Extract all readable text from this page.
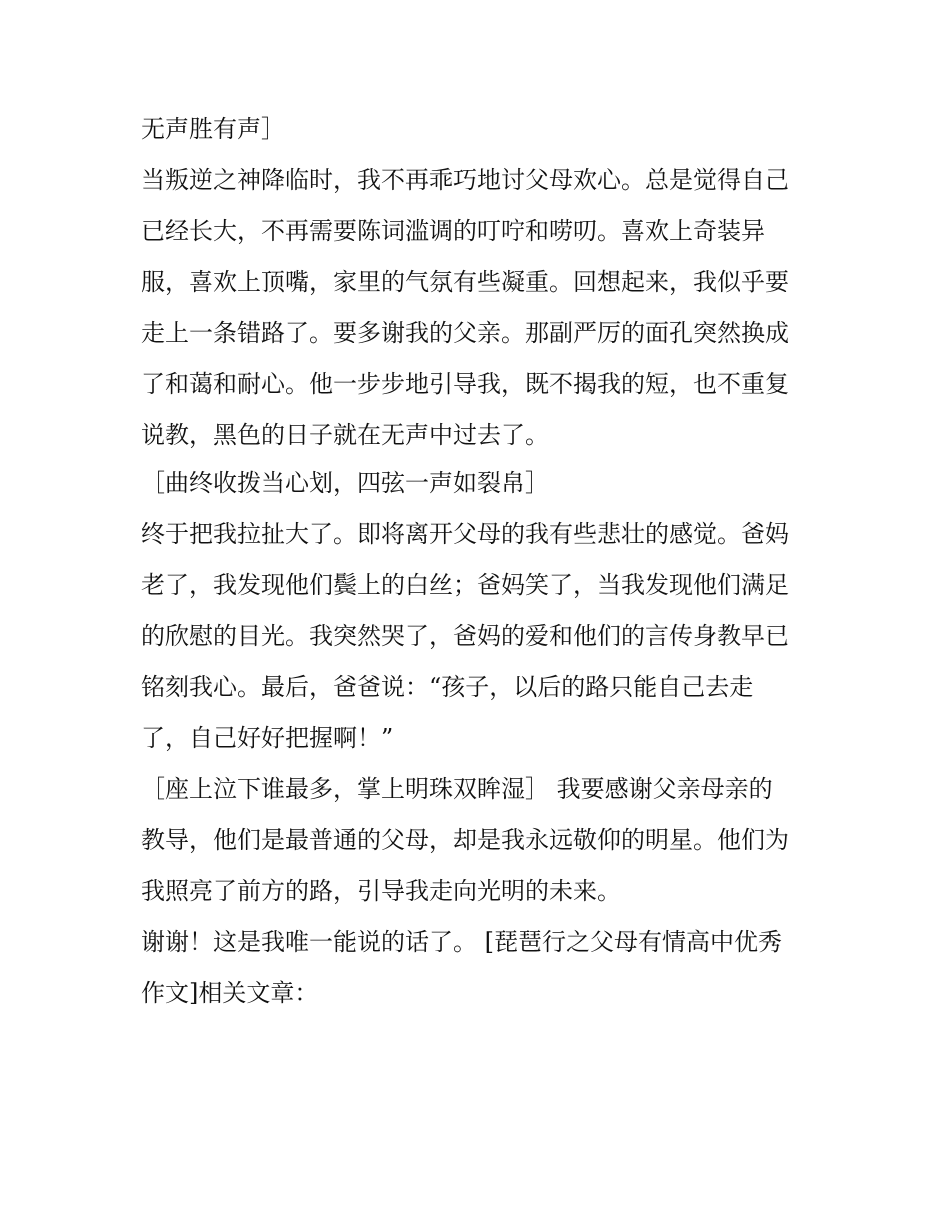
无声胜有声］

当叛逆之神降临时，我不再乖巧地讨父母欢心。总是觉得自己

已经长大，不再需要陈词滥调的叮咛和唠叨。喜欢上奇装异

服，喜欢上顶嘴，家里的气氛有些凝重。回想起来，我似乎要

走上一条错路了。要多谢我的父亲。那副严厉的面孔突然换成

了和蔼和耐心。他一步步地引导我，既不揭我的短，也不重复

说教，黑色的日子就在无声中过去了。

［曲终收拨当心划，四弦一声如裂帛］

终于把我拉扯大了。即将离开父母的我有些悲壮的感觉。爸妈

老了，我发现他们鬓上的白丝；爸妈笑了，当我发现他们满足

的欣慰的目光。我突然哭了，爸妈的爱和他们的言传身教早已

铭刻我心。最后，爸爸说：“孩子，以后的路只能自己去走

了，自己好好把握啊！”

［座上泣下谁最多，掌上明珠双眸湿］ 我要感谢父亲母亲的

教导，他们是最普通的父母，却是我永远敬仰的明星。他们为

我照亮了前方的路，引导我走向光明的未来。

谢谢！这是我唯一能说的话了。 [琵琶行之父母有情高中优秀

作文]相关文章：
